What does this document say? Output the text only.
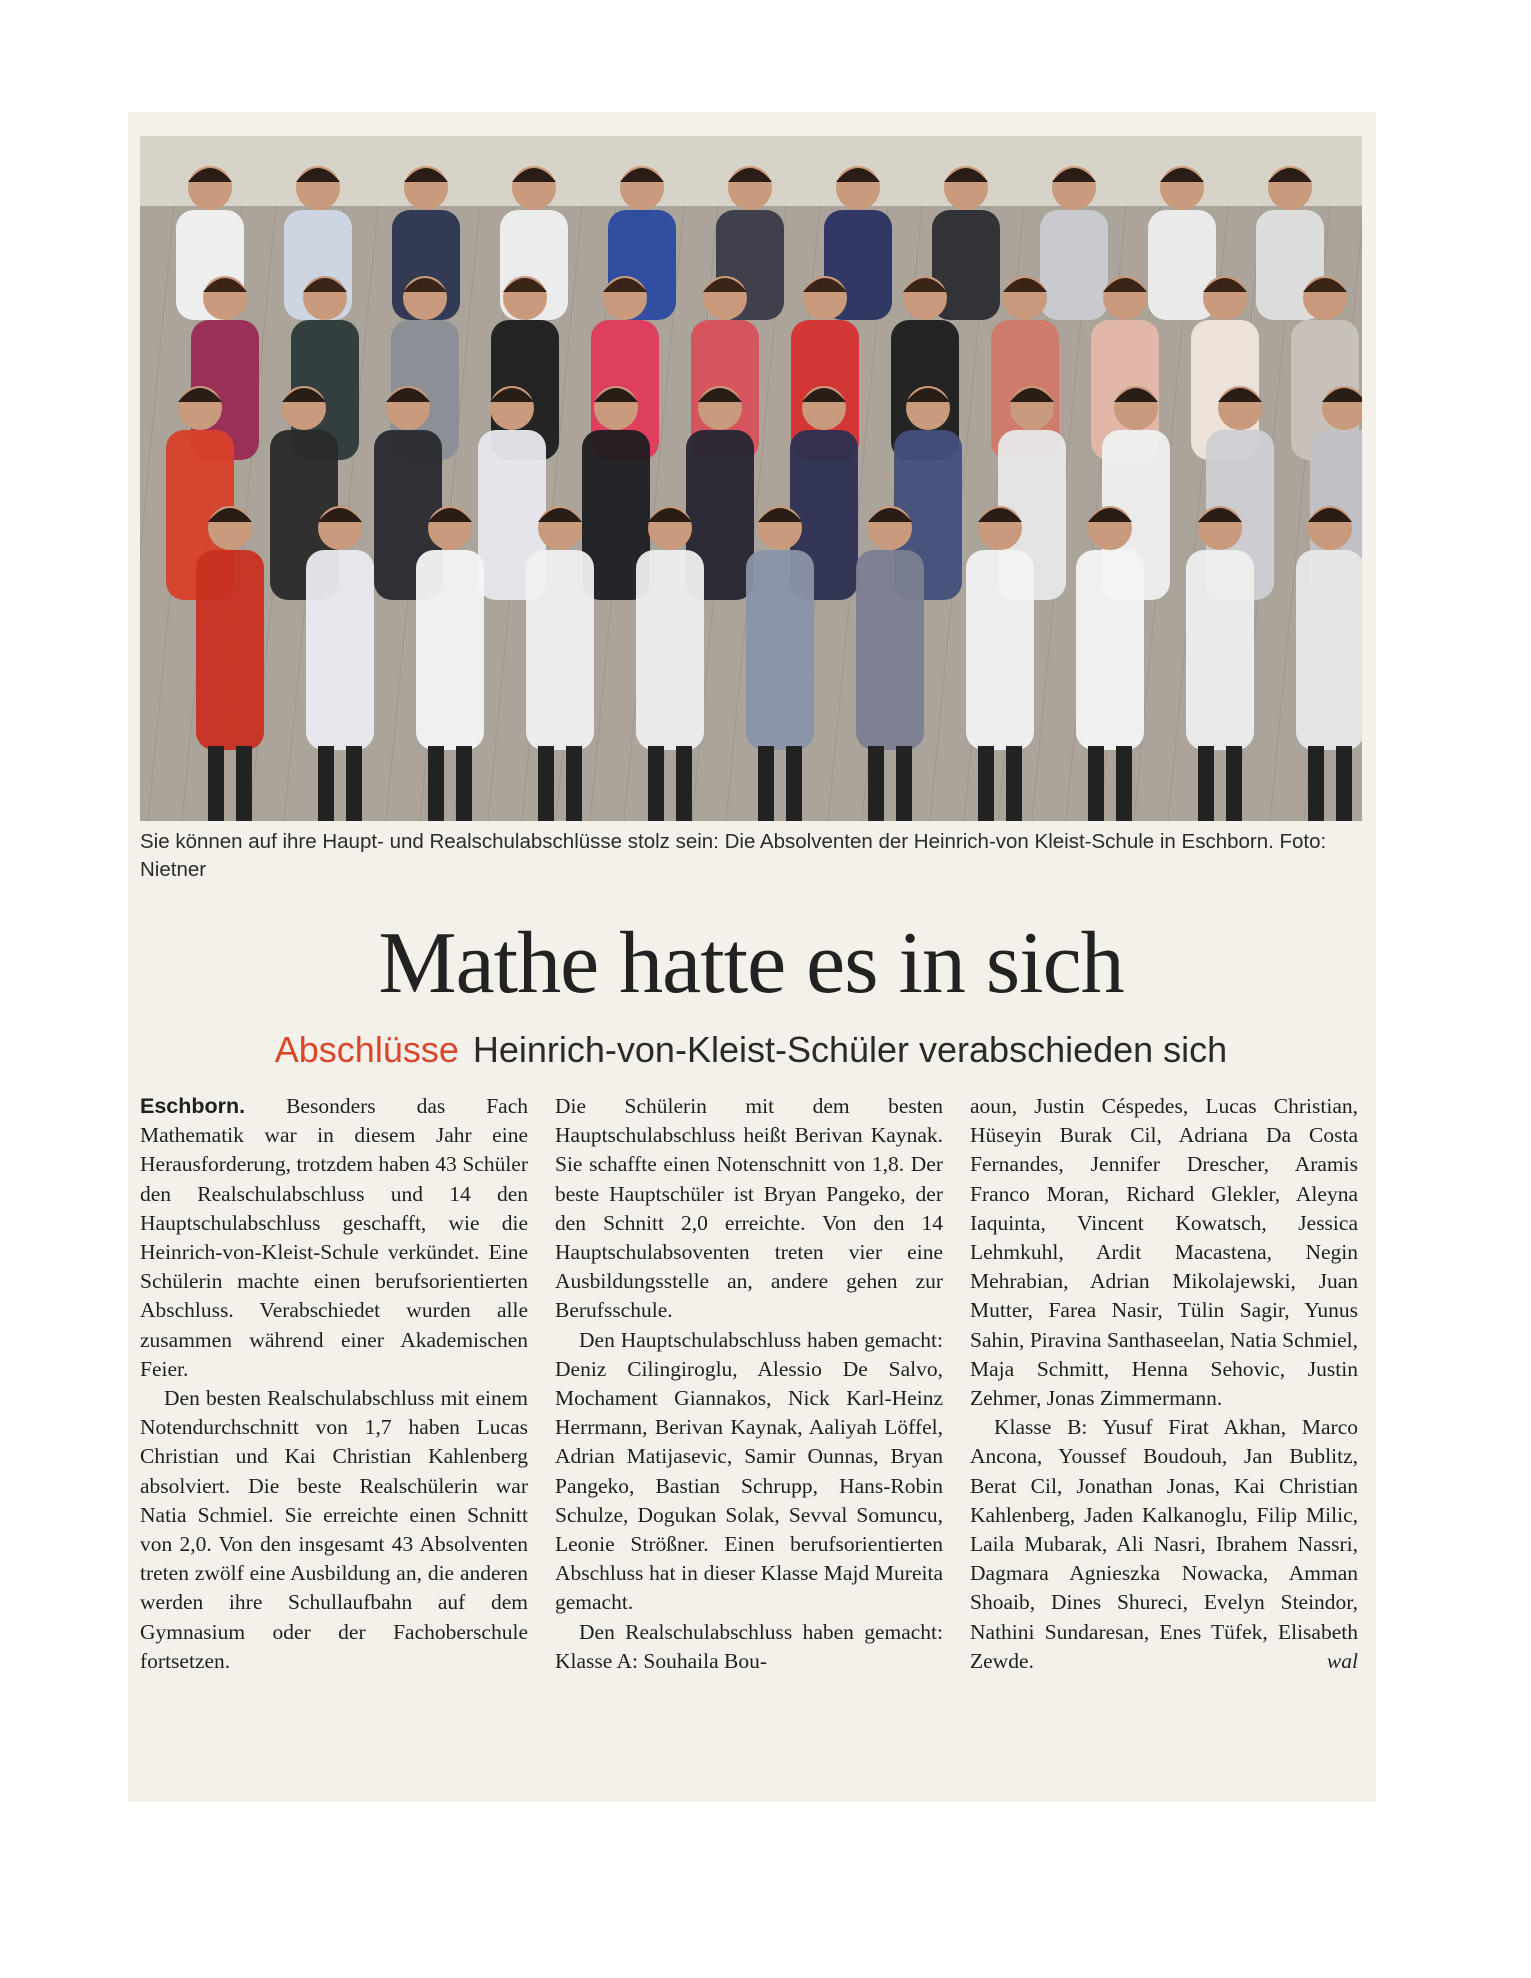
Sie können auf ihre Haupt- und Realschulabschlüsse stolz sein: Die Absolventen der Heinrich-von Kleist-Schule in Eschborn. Foto: Nietner
Mathe hatte es in sich
Abschlüsse Heinrich-von-Kleist-Schüler verabschieden sich

Eschborn. Besonders das Fach Mathematik war in diesem Jahr eine Herausforderung, trotzdem haben 43 Schüler den Realschulabschluss und 14 den Hauptschulabschluss geschafft, wie die Heinrich-von-Kleist-Schule verkündet. Eine Schülerin machte einen berufsorientierten Abschluss. Verabschiedet wurden alle zusammen während einer Akademischen Feier.

Den besten Realschulabschluss mit einem Notendurchschnitt von 1,7 haben Lucas Christian und Kai Christian Kahlenberg absolviert. Die beste Realschülerin war Natia Schmiel. Sie erreichte einen Schnitt von 2,0. Von den insgesamt 43 Absolventen treten zwölf eine Ausbildung an, die anderen werden ihre Schullaufbahn auf dem Gymnasium oder der Fachoberschule fortsetzen.

Die Schülerin mit dem besten Hauptschulabschluss heißt Berivan Kaynak. Sie schaffte einen Notenschnitt von 1,8. Der beste Hauptschüler ist Bryan Pangeko, der den Schnitt 2,0 erreichte. Von den 14 Hauptschulabsoventen treten vier eine Ausbildungsstelle an, andere gehen zur Berufsschule.

Den Hauptschulabschluss haben gemacht: Deniz Cilingiroglu, Alessio De Salvo, Mochament Giannakos, Nick Karl-Heinz Herrmann, Berivan Kaynak, Aaliyah Löffel, Adrian Matijasevic, Samir Ounnas, Bryan Pangeko, Bastian Schrupp, Hans-Robin Schulze, Dogukan Solak, Sevval Somuncu, Leonie Strößner. Einen berufsorientierten Abschluss hat in dieser Klasse Majd Mureita gemacht.

Den Realschulabschluss haben gemacht: Klasse A: Souhaila Bou-

aoun, Justin Céspedes, Lucas Christian, Hüseyin Burak Cil, Adriana Da Costa Fernandes, Jennifer Drescher, Aramis Franco Moran, Richard Glekler, Aleyna Iaquinta, Vincent Kowatsch, Jessica Lehmkuhl, Ardit Macastena, Negin Mehrabian, Adrian Mikolajewski, Juan Mutter, Farea Nasir, Tülin Sagir, Yunus Sahin, Piravina Santhaseelan, Natia Schmiel, Maja Schmitt, Henna Sehovic, Justin Zehmer, Jonas Zimmermann.

Klasse B: Yusuf Firat Akhan, Marco Ancona, Youssef Boudouh, Jan Bublitz, Berat Cil, Jonathan Jonas, Kai Christian Kahlenberg, Jaden Kalkanoglu, Filip Milic, Laila Mubarak, Ali Nasri, Ibrahem Nassri, Dagmara Agnieszka Nowacka, Amman Shoaib, Dines Shureci, Evelyn Steindor, Nathini Sundaresan, Enes Tüfek, Elisabeth Zewde.	wal
